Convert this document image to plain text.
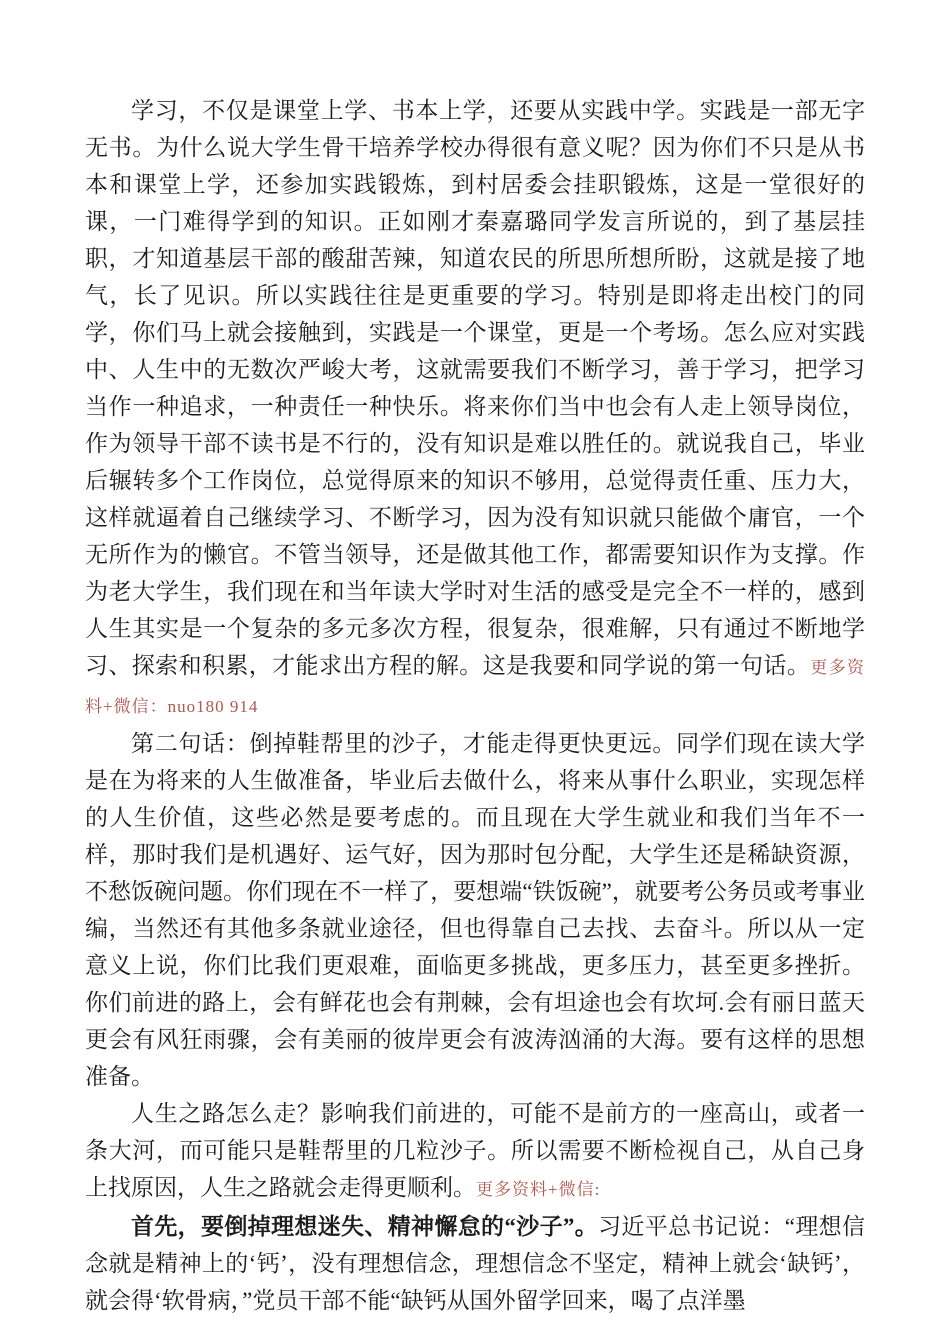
学习，不仅是课堂上学、书本上学，还要从实践中学。实践是一部无字无书。为什么说大学生骨干培养学校办得很有意义呢？因为你们不只是从书本和课堂上学，还参加实践锻炼，到村居委会挂职锻炼，这是一堂很好的课，一门难得学到的知识。正如刚才秦嘉璐同学发言所说的，到了基层挂职，才知道基层干部的酸甜苦辣，知道农民的所思所想所盼，这就是接了地气，长了见识。所以实践往往是更重要的学习。特别是即将走出校门的同学，你们马上就会接触到，实践是一个课堂，更是一个考场。怎么应对实践中、人生中的无数次严峻大考，这就需要我们不断学习，善于学习，把学习当作一种追求，一种责任一种快乐。将来你们当中也会有人走上领导岗位，作为领导干部不读书是不行的，没有知识是难以胜任的。就说我自己，毕业后辗转多个工作岗位，总觉得原来的知识不够用，总觉得责任重、压力大，这样就逼着自己继续学习、不断学习，因为没有知识就只能做个庸官，一个无所作为的懒官。不管当领导，还是做其他工作，都需要知识作为支撑。作为老大学生，我们现在和当年读大学时对生活的感受是完全不一样的，感到人生其实是一个复杂的多元多次方程，很复杂，很难解，只有通过不断地学习、探索和积累，才能求出方程的解。这是我要和同学说的第一句话。更多资料+微信：nuo180 914

第二句话：倒掉鞋帮里的沙子，才能走得更快更远。同学们现在读大学是在为将来的人生做准备，毕业后去做什么，将来从事什么职业，实现怎样的人生价值，这些必然是要考虑的。而且现在大学生就业和我们当年不一样，那时我们是机遇好、运气好，因为那时包分配，大学生还是稀缺资源，不愁饭碗问题。你们现在不一样了，要想端“铁饭碗”，就要考公务员或考事业编，当然还有其他多条就业途径，但也得靠自己去找、去奋斗。所以从一定意义上说，你们比我们更艰难，面临更多挑战，更多压力，甚至更多挫折。你们前进的路上，会有鲜花也会有荆棘，会有坦途也会有坎坷.会有丽日蓝天更会有风狂雨骤，会有美丽的彼岸更会有波涛汹涌的大海。要有这样的思想准备。

人生之路怎么走？影响我们前进的，可能不是前方的一座高山，或者一条大河，而可能只是鞋帮里的几粒沙子。所以需要不断检视自己，从自己身上找原因，人生之路就会走得更顺利。更多资料+微信:

首先，要倒掉理想迷失、精神懈怠的“沙子”。习近平总书记说：“理想信念就是精神上的‘钙’，没有理想信念，理想信念不坚定，精神上就会‘缺钙’，就会得‘软骨病，”党员干部不能“缺钙从国外留学回来，喝了点洋墨
